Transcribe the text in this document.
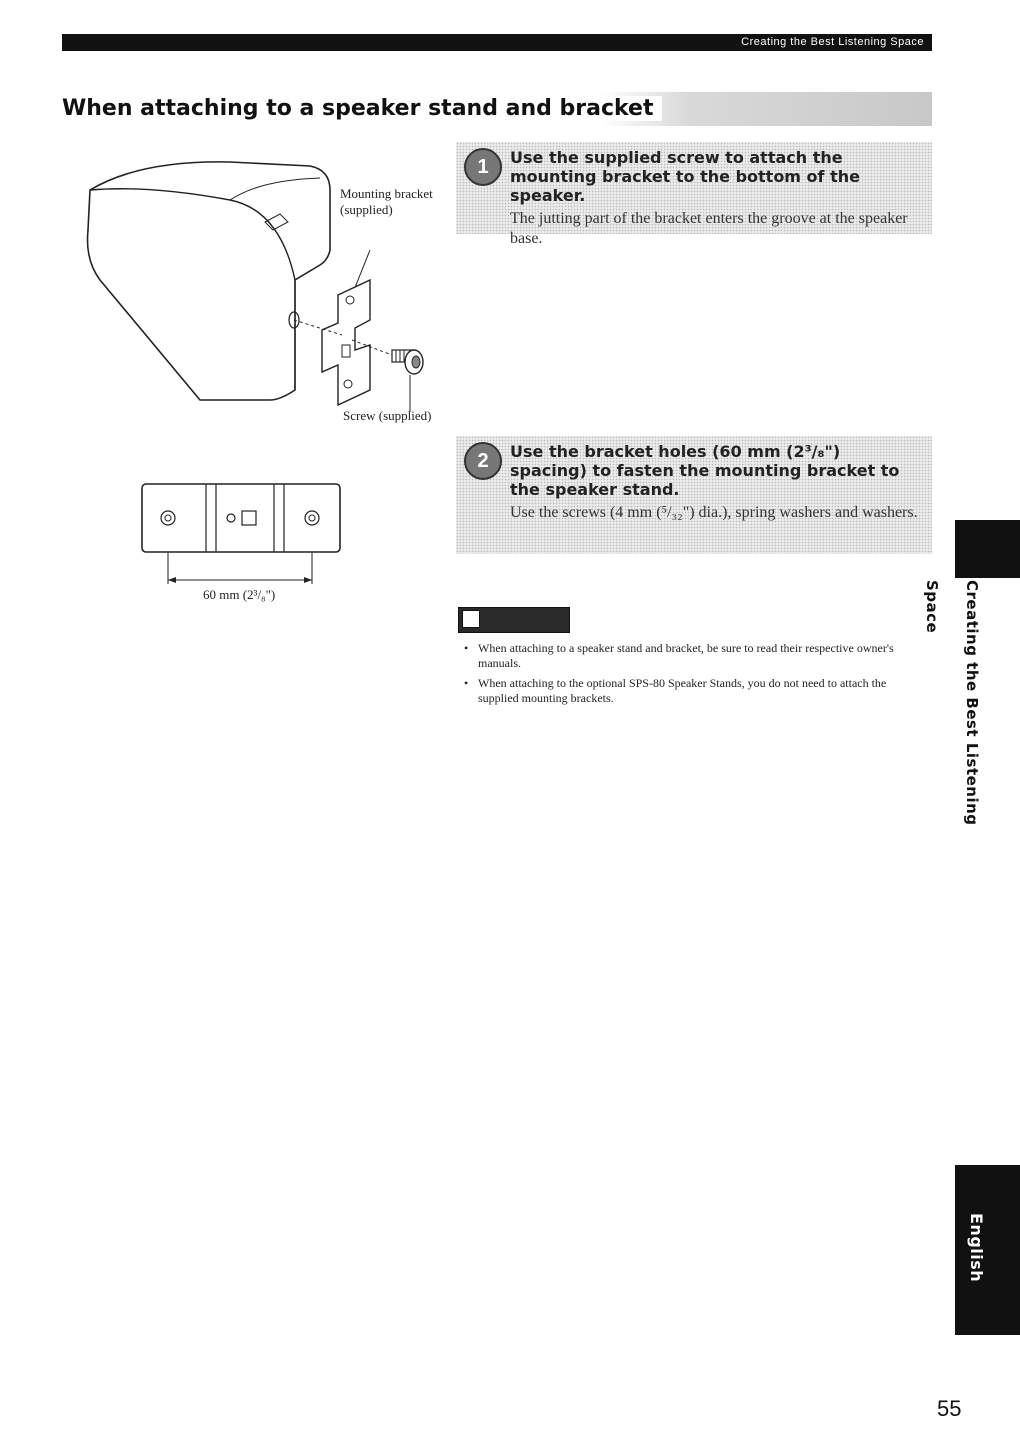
Creating the Best Listening Space
When attaching to a speaker stand and bracket
Mounting bracket
(supplied)
Screw (supplied)
60 mm (2³/₈")
1	Use the supplied screw to attach the mounting bracket to the bottom of the speaker.

The jutting part of the bracket enters the groove at the speaker base.
2	Use the bracket holes (60 mm (2³/₈") spacing) to fasten the mounting bracket to the speaker stand.

Use the screws (4 mm (⁵/₃₂") dia.), spring washers and washers.
• When attaching to a speaker stand and bracket, be sure to read their respective owner's manuals.
• When attaching to the optional SPS-80 Speaker Stands, you do not need to attach the supplied mounting brackets.	Creating the Best Listening Space
English
55
